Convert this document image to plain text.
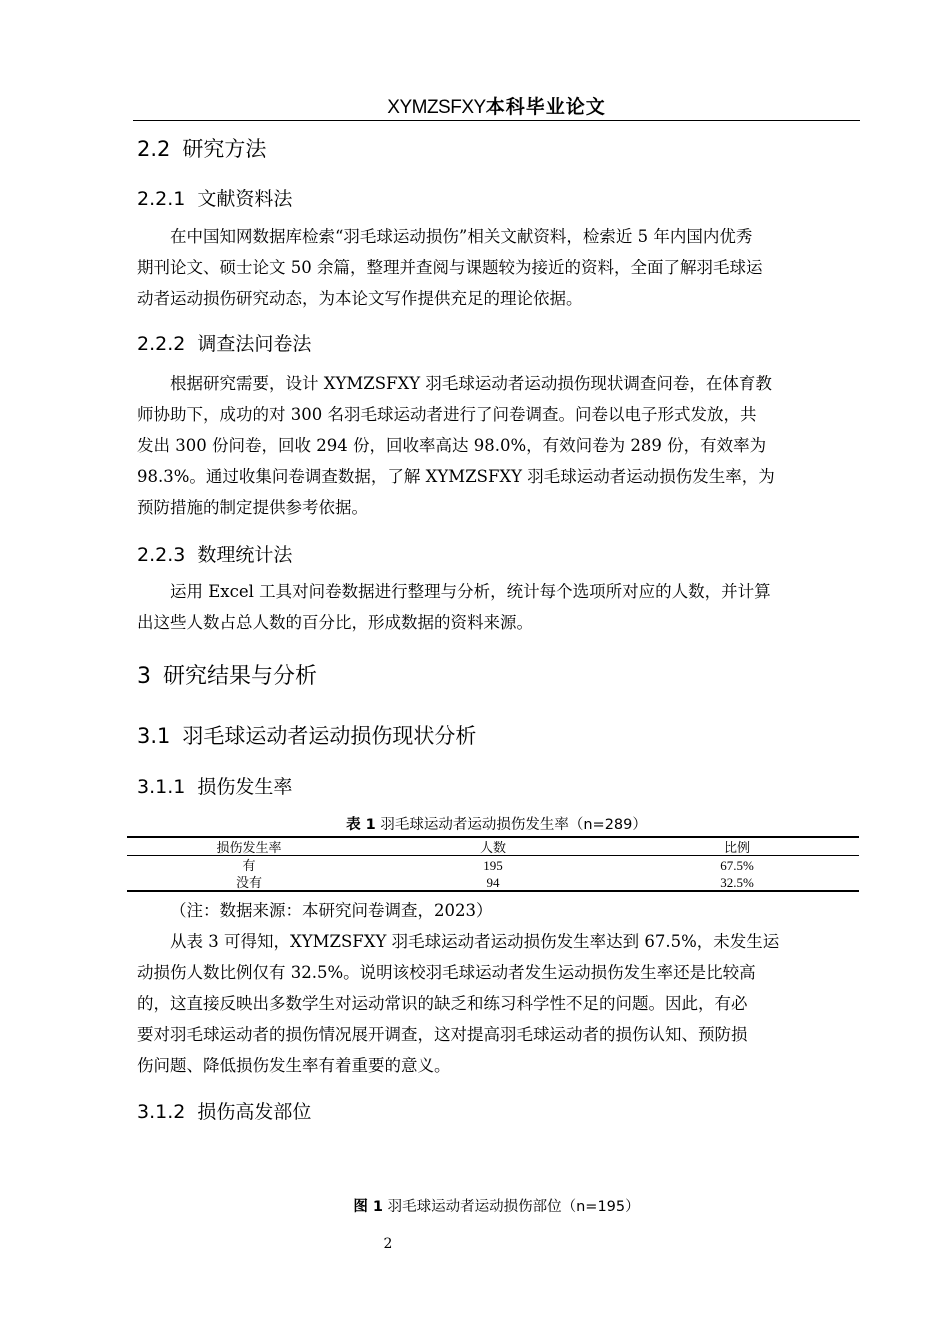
XYMZSFXY本科毕业论文
2.2 研究方法
2.2.1 文献资料法

在中国知网数据库检索“羽毛球运动损伤”相关文献资料，检索近 5 年内国内优秀
期刊论文、硕士论文 50 余篇，整理并查阅与课题较为接近的资料，全面了解羽毛球运
动者运动损伤研究动态，为本论文写作提供充足的理论依据。

2.2.2 调查法问卷法

根据研究需要，设计 XYMZSFXY 羽毛球运动者运动损伤现状调查问卷，在体育教
师协助下，成功的对 300 名羽毛球运动者进行了问卷调查。问卷以电子形式发放，共
发出 300 份问卷，回收 294 份，回收率高达 98.0%，有效问卷为 289 份，有效率为
98.3%。通过收集问卷调查数据，了解 XYMZSFXY 羽毛球运动者运动损伤发生率，为
预防措施的制定提供参考依据。

2.2.3 数理统计法

运用 Excel 工具对问卷数据进行整理与分析，统计每个选项所对应的人数，并计算
出这些人数占总人数的百分比，形成数据的资料来源。

3 研究结果与分析
3.1 羽毛球运动者运动损伤现状分析
3.1.1 损伤发生率
表 1 羽毛球运动者运动损伤发生率（n=289）
损伤发生率	人数	比例
有	195	67.5%
没有	94	32.5%
（注：数据来源：本研究问卷调查，2023）

从表 3 可得知，XYMZSFXY 羽毛球运动者运动损伤发生率达到 67.5%，未发生运
动损伤人数比例仅有 32.5%。说明该校羽毛球运动者发生运动损伤发生率还是比较高
的，这直接反映出多数学生对运动常识的缺乏和练习科学性不足的问题。因此，有必
要对羽毛球运动者的损伤情况展开调查，这对提高羽毛球运动者的损伤认知、预防损
伤问题、降低损伤发生率有着重要的意义。

3.1.2 损伤高发部位
图 1 羽毛球运动者运动损伤部位（n=195）
2
